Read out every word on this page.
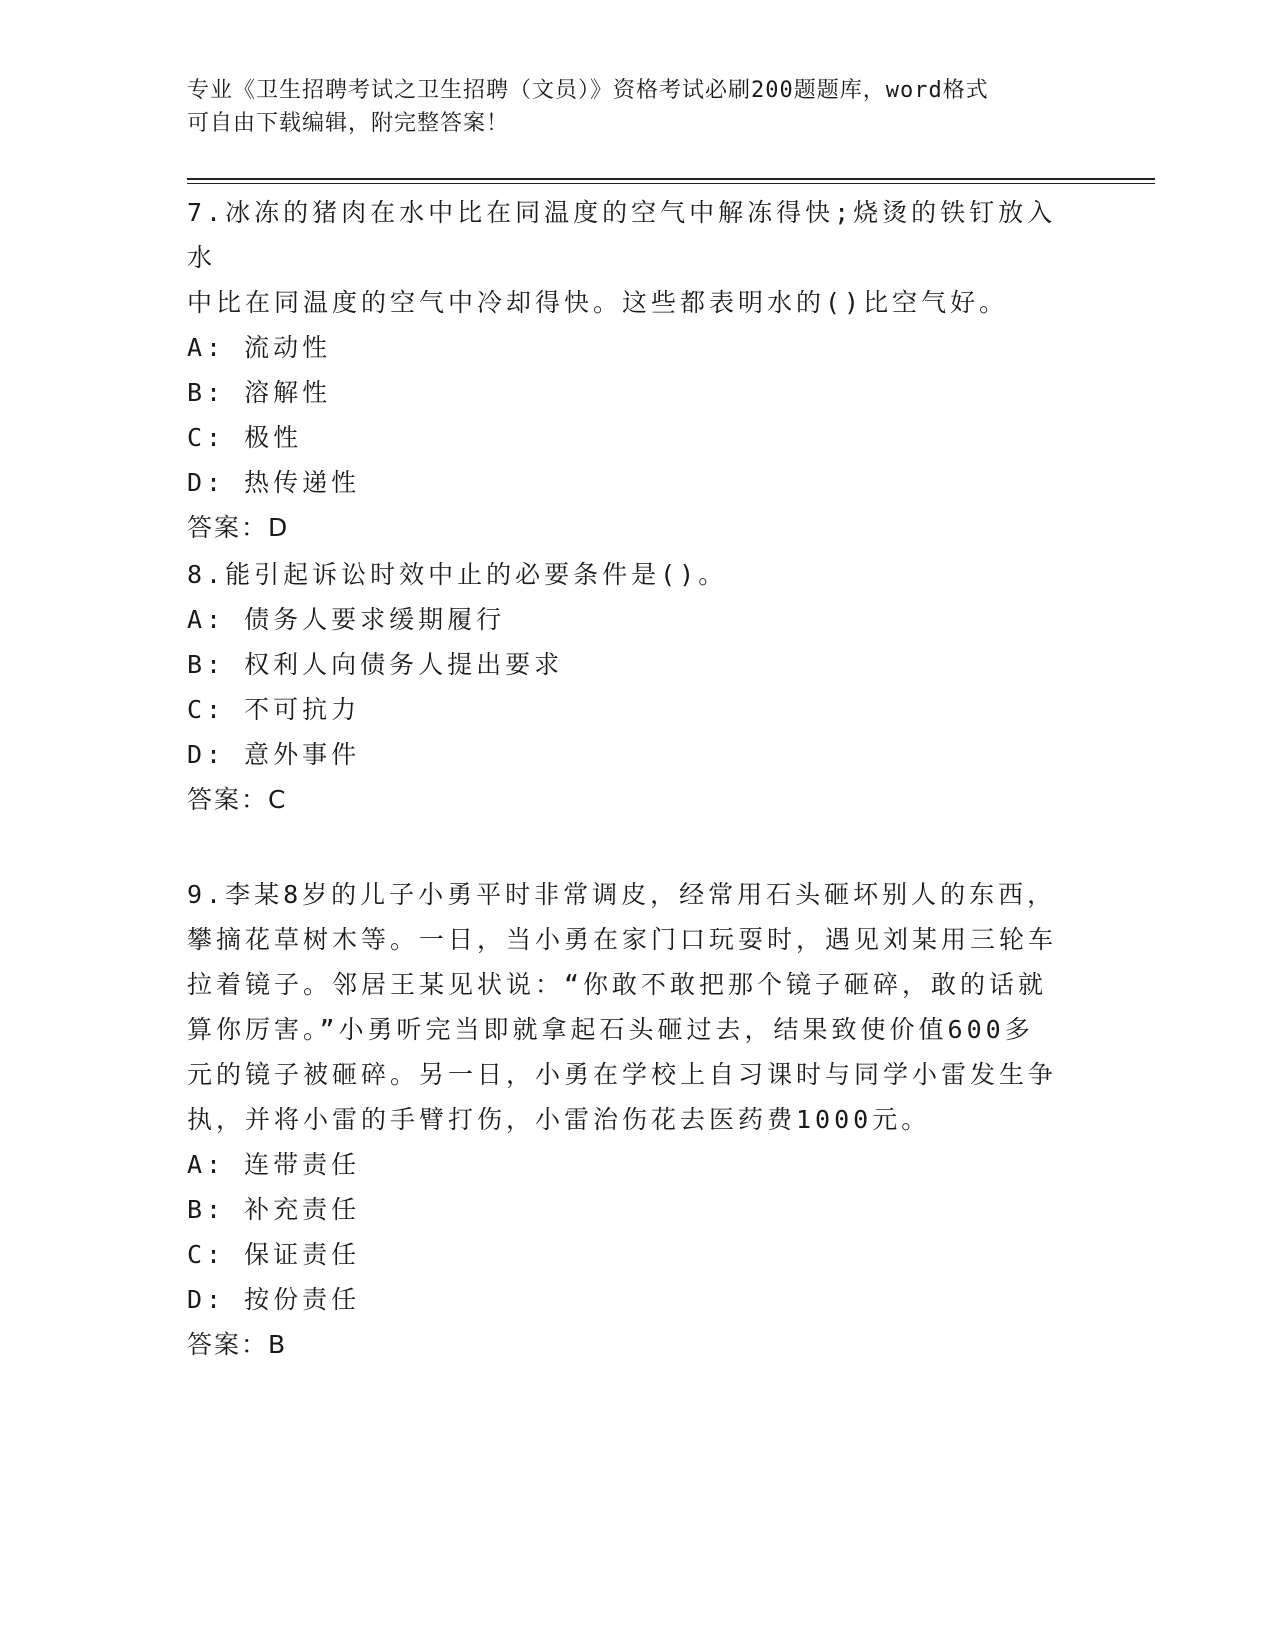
专业《卫生招聘考试之卫生招聘（文员）》资格考试必刷200题题库，word格式
可自由下载编辑，附完整答案！

7.冰冻的猪肉在水中比在同温度的空气中解冻得快;烧烫的铁钉放入水

中比在同温度的空气中冷却得快。这些都表明水的()比空气好。

A: 流动性

B: 溶解性

C: 极性

D: 热传递性

答案：D

8.能引起诉讼时效中止的必要条件是()。

A: 债务人要求缓期履行

B: 权利人向债务人提出要求

C: 不可抗力

D: 意外事件

答案：C

9.李某8岁的儿子小勇平时非常调皮，经常用石头砸坏别人的东西，

攀摘花草树木等。一日，当小勇在家门口玩耍时，遇见刘某用三轮车

拉着镜子。邻居王某见状说：“你敢不敢把那个镜子砸碎，敢的话就

算你厉害。”小勇听完当即就拿起石头砸过去，结果致使价值600多

元的镜子被砸碎。另一日，小勇在学校上自习课时与同学小雷发生争

执，并将小雷的手臂打伤，小雷治伤花去医药费1000元。

A: 连带责任

B: 补充责任

C: 保证责任

D: 按份责任

答案：B
